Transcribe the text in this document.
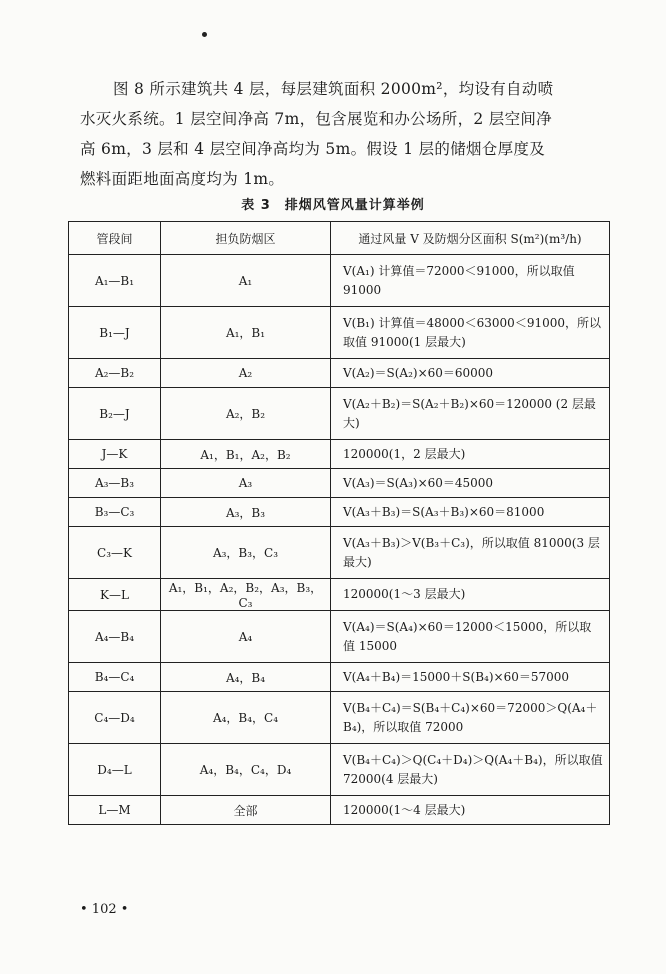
图 8 所示建筑共 4 层，每层建筑面积 2000m²，均设有自动喷

水灭火系统。1 层空间净高 7m，包含展览和办公场所，2 层空间净

高 6m，3 层和 4 层空间净高均为 5m。假设 1 层的储烟仓厚度及

燃料面距地面高度均为 1m。

表 3　排烟风管风量计算举例
管段间	担负防烟区	通过风量 V 及防烟分区面积 S(m²)(m³/h)
A₁—B₁	A₁	V(A₁) 计算值＝72000＜91000，所以取值 91000
B₁—J	A₁，B₁	V(B₁) 计算值＝48000＜63000＜91000，所以取值 91000(1 层最大)
A₂—B₂	A₂	V(A₂)＝S(A₂)×60＝60000
B₂—J	A₂，B₂	V(A₂＋B₂)＝S(A₂＋B₂)×60＝120000 (2 层最大)
J—K	A₁，B₁，A₂，B₂	120000(1，2 层最大)
A₃—B₃	A₃	V(A₃)＝S(A₃)×60＝45000
B₃—C₃	A₃，B₃	V(A₃＋B₃)＝S(A₃＋B₃)×60＝81000
C₃—K	A₃，B₃，C₃	V(A₃＋B₃)＞V(B₃＋C₃)，所以取值 81000(3 层最大)
K—L	A₁，B₁，A₂，B₂，A₃，B₃，C₃	120000(1～3 层最大)
A₄—B₄	A₄	V(A₄)＝S(A₄)×60＝12000＜15000，所以取值 15000
B₄—C₄	A₄，B₄	V(A₄＋B₄)＝15000＋S(B₄)×60＝57000
C₄—D₄	A₄，B₄，C₄	V(B₄＋C₄)＝S(B₄＋C₄)×60＝72000＞Q(A₄＋B₄)，所以取值 72000
D₄—L	A₄，B₄，C₄，D₄	V(B₄＋C₄)＞Q(C₄＋D₄)＞Q(A₄＋B₄)，所以取值 72000(4 层最大)
L—M	全部	120000(1～4 层最大)
• 102 •
